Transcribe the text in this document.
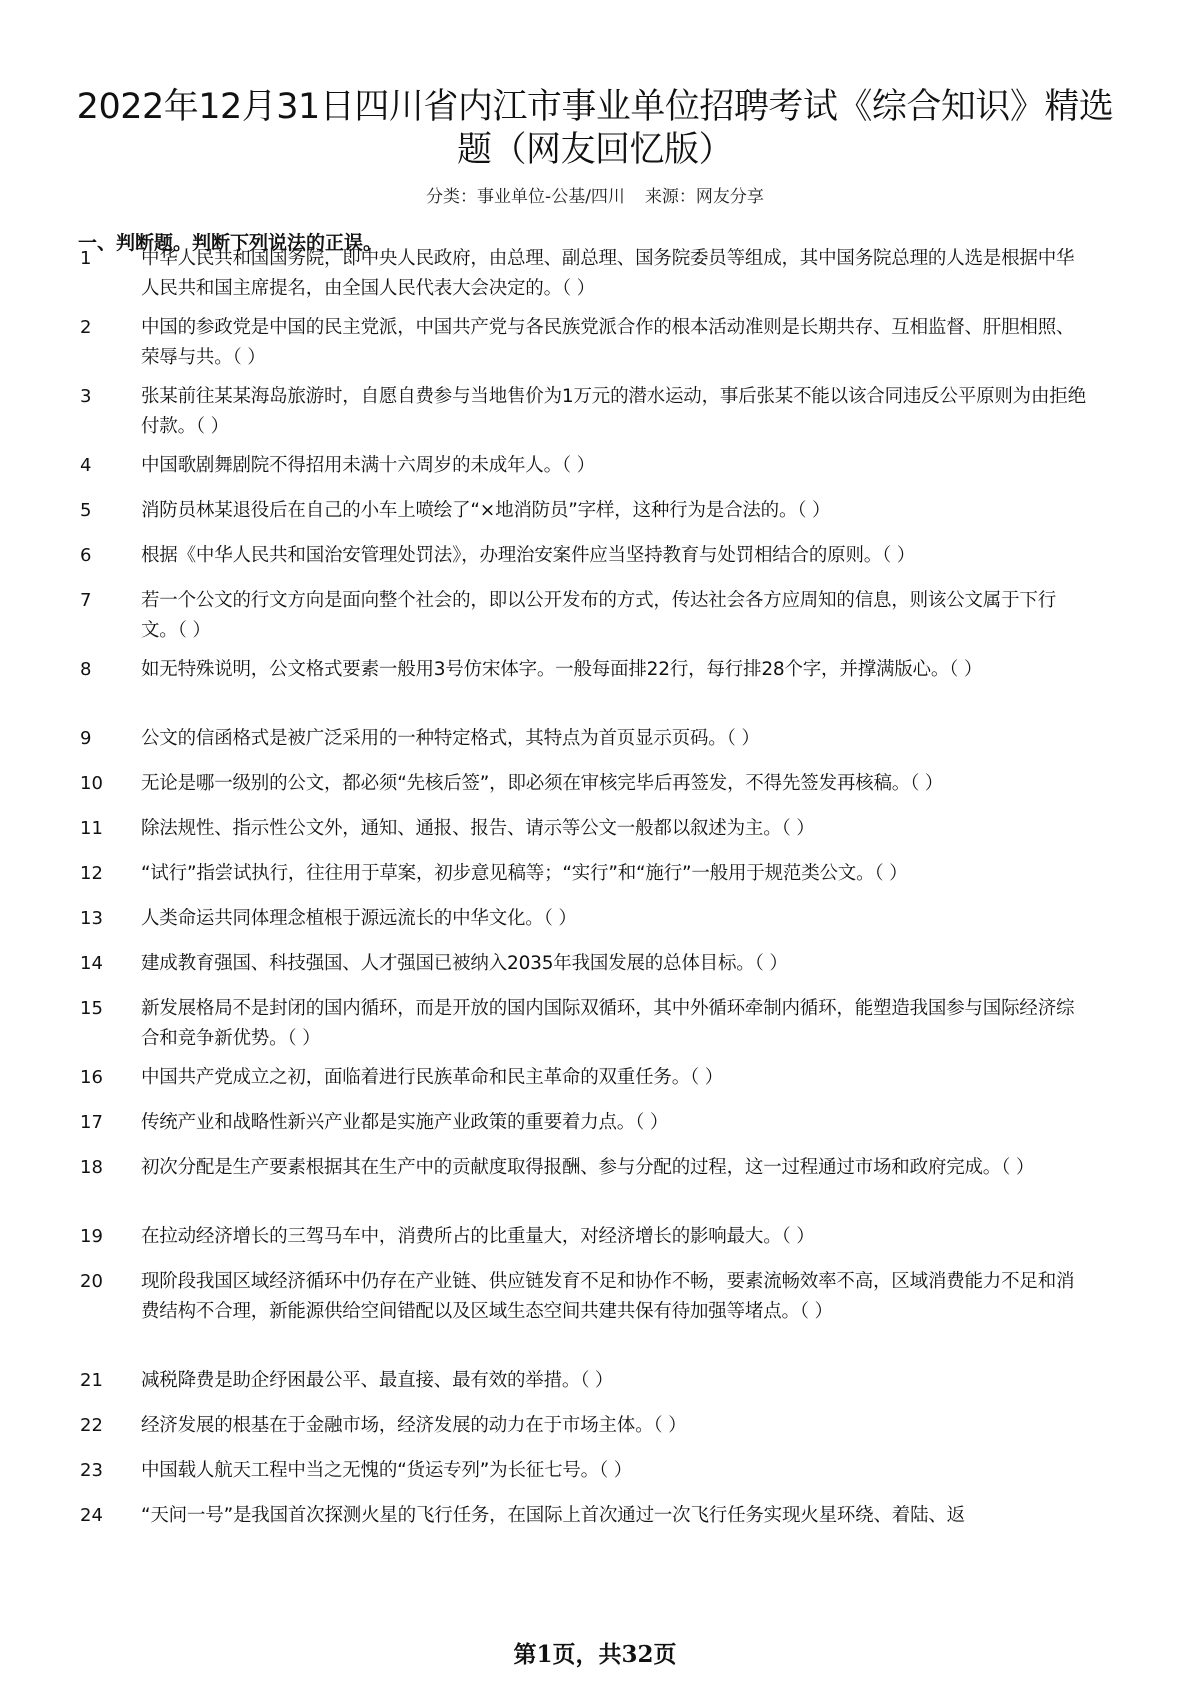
2022年12月31日四川省内江市事业单位招聘考试《综合知识》精选题（网友回忆版）
分类：事业单位-公基/四川 来源：网友分享
一、判断题。判断下列说法的正误。
1	中华人民共和国国务院，即中央人民政府，由总理、副总理、国务院委员等组成，其中国务院总理的人选是根据中华人民共和国主席提名，由全国人民代表大会决定的。（ ）
2	中国的参政党是中国的民主党派，中国共产党与各民族党派合作的根本活动准则是长期共存、互相监督、肝胆相照、荣辱与共。（ ）
3	张某前往某某海岛旅游时，自愿自费参与当地售价为1万元的潜水运动，事后张某不能以该合同违反公平原则为由拒绝付款。（ ）
4	中国歌剧舞剧院不得招用未满十六周岁的未成年人。（ ）
5	消防员林某退役后在自己的小车上喷绘了“×地消防员”字样，这种行为是合法的。（ ）
6	根据《中华人民共和国治安管理处罚法》，办理治安案件应当坚持教育与处罚相结合的原则。（ ）
7	若一个公文的行文方向是面向整个社会的，即以公开发布的方式，传达社会各方应周知的信息，则该公文属于下行文。（ ）
8	如无特殊说明，公文格式要素一般用3号仿宋体字。一般每面排22行，每行排28个字，并撑满版心。（ ）
9	公文的信函格式是被广泛采用的一种特定格式，其特点为首页显示页码。（ ）
10	无论是哪一级别的公文，都必须“先核后签”，即必须在审核完毕后再签发，不得先签发再核稿。（ ）
11	除法规性、指示性公文外，通知、通报、报告、请示等公文一般都以叙述为主。（ ）
12	“试行”指尝试执行，往往用于草案，初步意见稿等；“实行”和“施行”一般用于规范类公文。（ ）
13	人类命运共同体理念植根于源远流长的中华文化。（ ）
14	建成教育强国、科技强国、人才强国已被纳入2035年我国发展的总体目标。（ ）
15	新发展格局不是封闭的国内循环，而是开放的国内国际双循环，其中外循环牵制内循环，能塑造我国参与国际经济综合和竞争新优势。（ ）
16	中国共产党成立之初，面临着进行民族革命和民主革命的双重任务。（ ）
17	传统产业和战略性新兴产业都是实施产业政策的重要着力点。（ ）
18	初次分配是生产要素根据其在生产中的贡献度取得报酬、参与分配的过程，这一过程通过市场和政府完成。（ ）
19	在拉动经济增长的三驾马车中，消费所占的比重量大，对经济增长的影响最大。（ ）
20	现阶段我国区域经济循环中仍存在产业链、供应链发育不足和协作不畅，要素流畅效率不高，区域消费能力不足和消费结构不合理，新能源供给空间错配以及区域生态空间共建共保有待加强等堵点。（ ）
21	减税降费是助企纾困最公平、最直接、最有效的举措。（ ）
22	经济发展的根基在于金融市场，经济发展的动力在于市场主体。（ ）
23	中国载人航天工程中当之无愧的“货运专列”为长征七号。（ ）
24	“天问一号”是我国首次探测火星的飞行任务，在国际上首次通过一次飞行任务实现火星环绕、着陆、返
第1页，共32页
